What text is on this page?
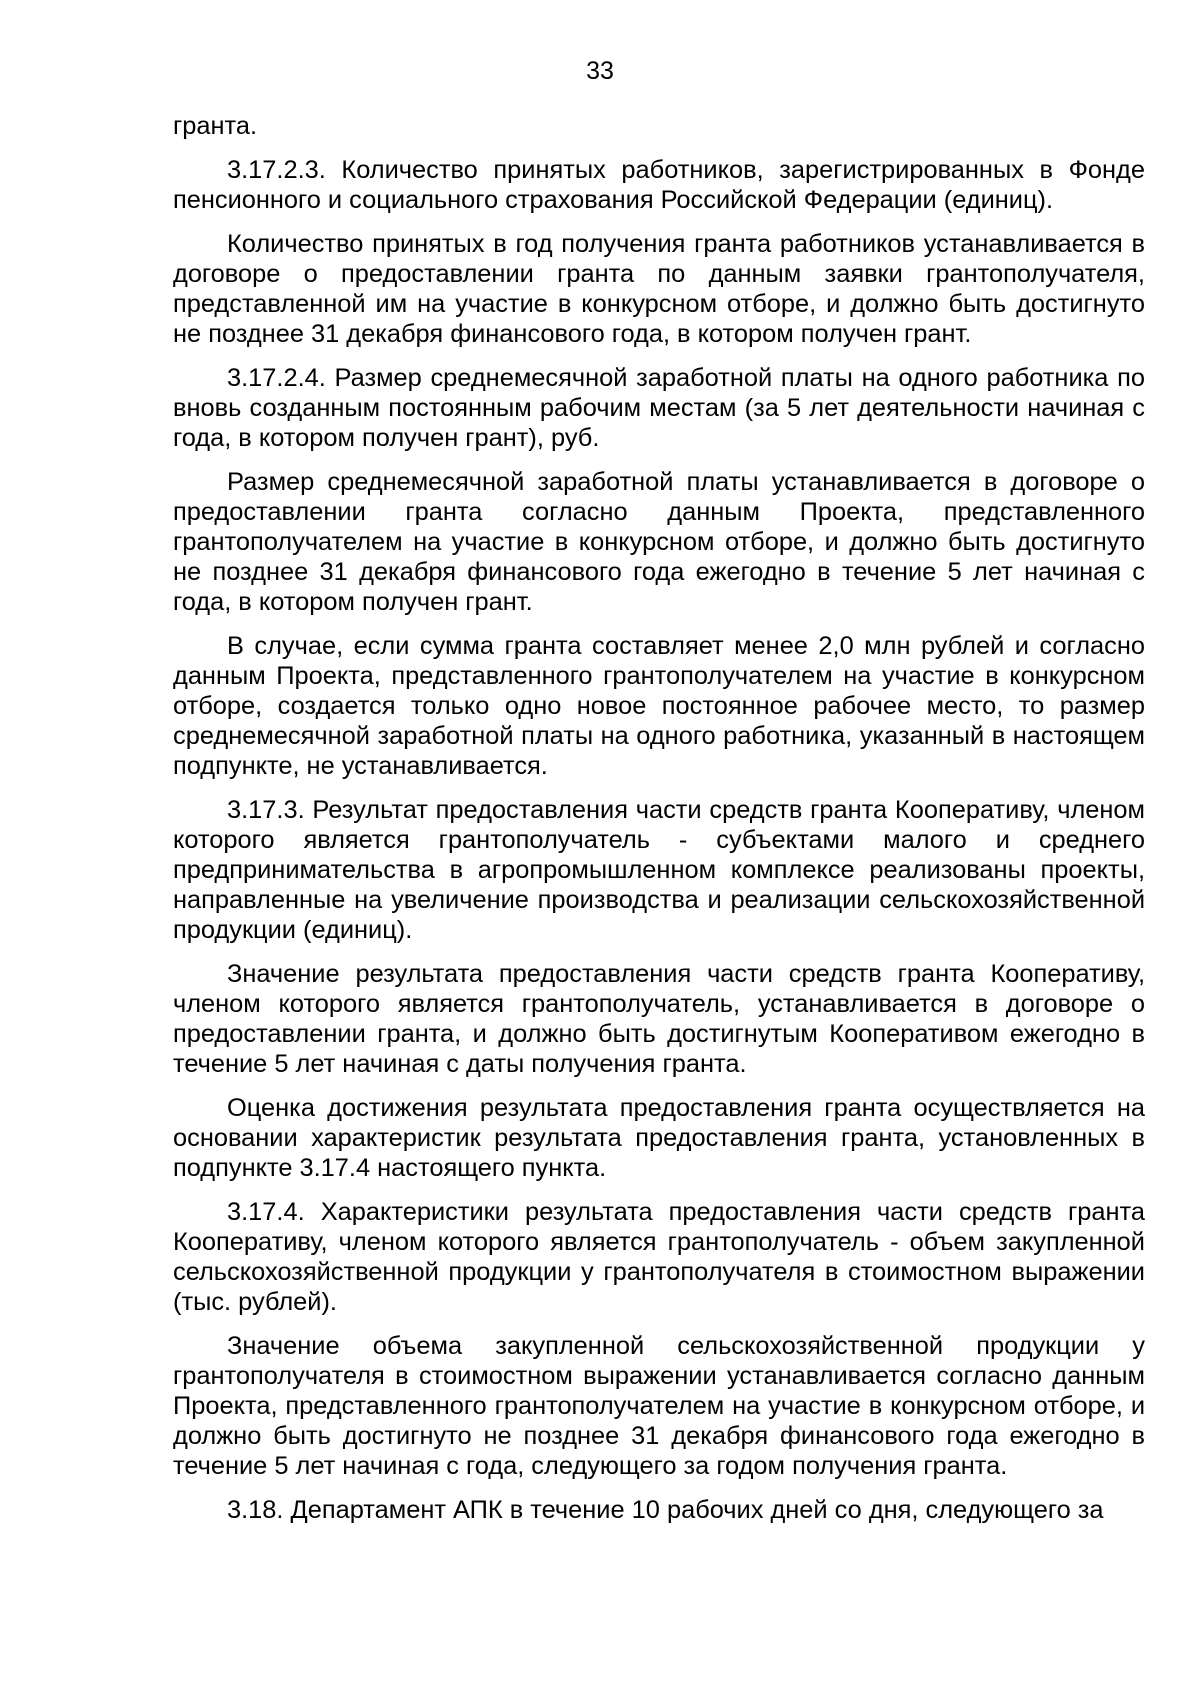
33

гранта.

3.17.2.3. Количество принятых работников, зарегистрированных в Фонде пенсионного и социального страхования Российской Федерации (единиц).

Количество принятых в год получения гранта работников устанавливается в договоре о предоставлении гранта по данным заявки грантополучателя, представленной им на участие в конкурсном отборе, и должно быть достигнуто не позднее 31 декабря финансового года, в котором получен грант.

3.17.2.4. Размер среднемесячной заработной платы на одного работника по вновь созданным постоянным рабочим местам (за 5 лет деятельности начиная с года, в котором получен грант), руб.

Размер среднемесячной заработной платы устанавливается в договоре о предоставлении гранта согласно данным Проекта, представленного грантополучателем на участие в конкурсном отборе, и должно быть достигнуто не позднее 31 декабря финансового года ежегодно в течение 5 лет начиная с года, в котором получен грант.

В случае, если сумма гранта составляет менее 2,0 млн рублей и согласно данным Проекта, представленного грантополучателем на участие в конкурсном отборе, создается только одно новое постоянное рабочее место, то размер среднемесячной заработной платы на одного работника, указанный в настоящем подпункте, не устанавливается.

3.17.3. Результат предоставления части средств гранта Кооперативу, членом которого является грантополучатель - субъектами малого и среднего предпринимательства в агропромышленном комплексе реализованы проекты, направленные на увеличение производства и реализации сельскохозяйственной продукции (единиц).

Значение результата предоставления части средств гранта Кооперативу, членом которого является грантополучатель, устанавливается в договоре о предоставлении гранта, и должно быть достигнутым Кооперативом ежегодно в течение 5 лет начиная с даты получения гранта.

Оценка достижения результата предоставления гранта осуществляется на основании характеристик результата предоставления гранта, установленных в подпункте 3.17.4 настоящего пункта.

3.17.4. Характеристики результата предоставления части средств гранта Кооперативу, членом которого является грантополучатель - объем закупленной сельскохозяйственной продукции у грантополучателя в стоимостном выражении (тыс. рублей).

Значение объема закупленной сельскохозяйственной продукции у грантополучателя в стоимостном выражении устанавливается согласно данным Проекта, представленного грантополучателем на участие в конкурсном отборе, и должно быть достигнуто не позднее 31 декабря финансового года ежегодно в течение 5 лет начиная с года, следующего за годом получения гранта.

3.18. Департамент АПК в течение 10 рабочих дней со дня, следующего за
